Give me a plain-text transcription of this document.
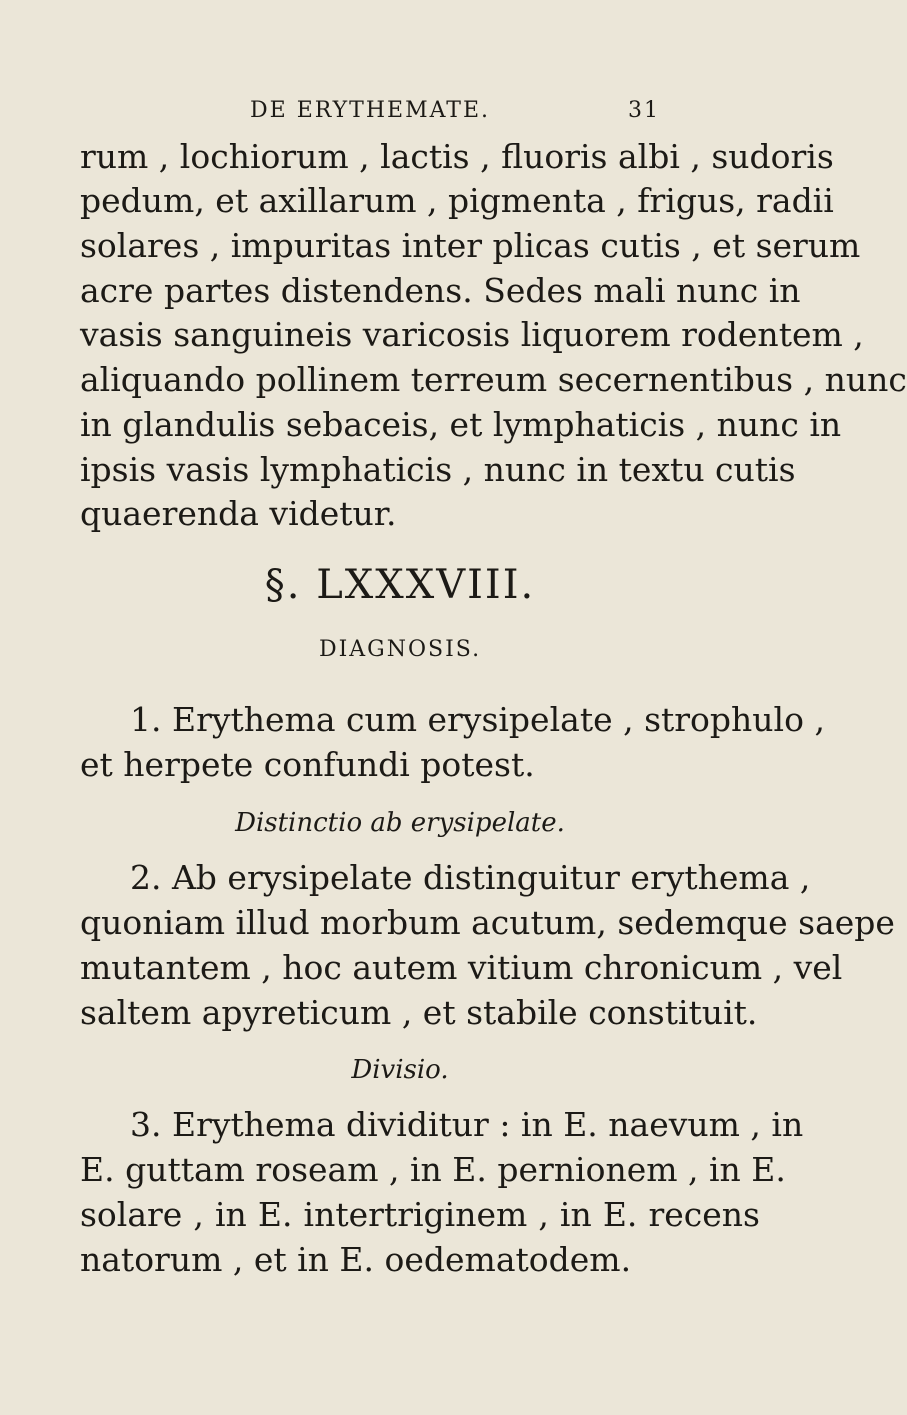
DE ERYTHEMATE.	31
rum , lochiorum , lactis , fluoris albi , sudoris
pedum, et axillarum , pigmenta , frigus, radii
solares , impuritas inter plicas cutis , et serum
acre partes distendens. Sedes mali nunc in
vasis sanguineis varicosis liquorem rodentem ,
aliquando pollinem terreum secernentibus , nunc
in glandulis sebaceis, et lymphaticis , nunc in
ipsis vasis lymphaticis , nunc in textu cutis
quaerenda videtur.
§. LXXXVIII.
DIAGNOSIS.
1. Erythema cum erysipelate , strophulo ,
et herpete confundi potest.
Distinctio ab erysipelate.
2. Ab erysipelate distinguitur erythema ,
quoniam illud morbum acutum, sedemque saepe
mutantem , hoc autem vitium chronicum , vel
saltem apyreticum , et stabile constituit.
Divisio.
3. Erythema dividitur : in E. naevum , in
E. guttam roseam , in E. pernionem , in E.
solare , in E. intertriginem , in E. recens
natorum , et in E. oedematodem.
